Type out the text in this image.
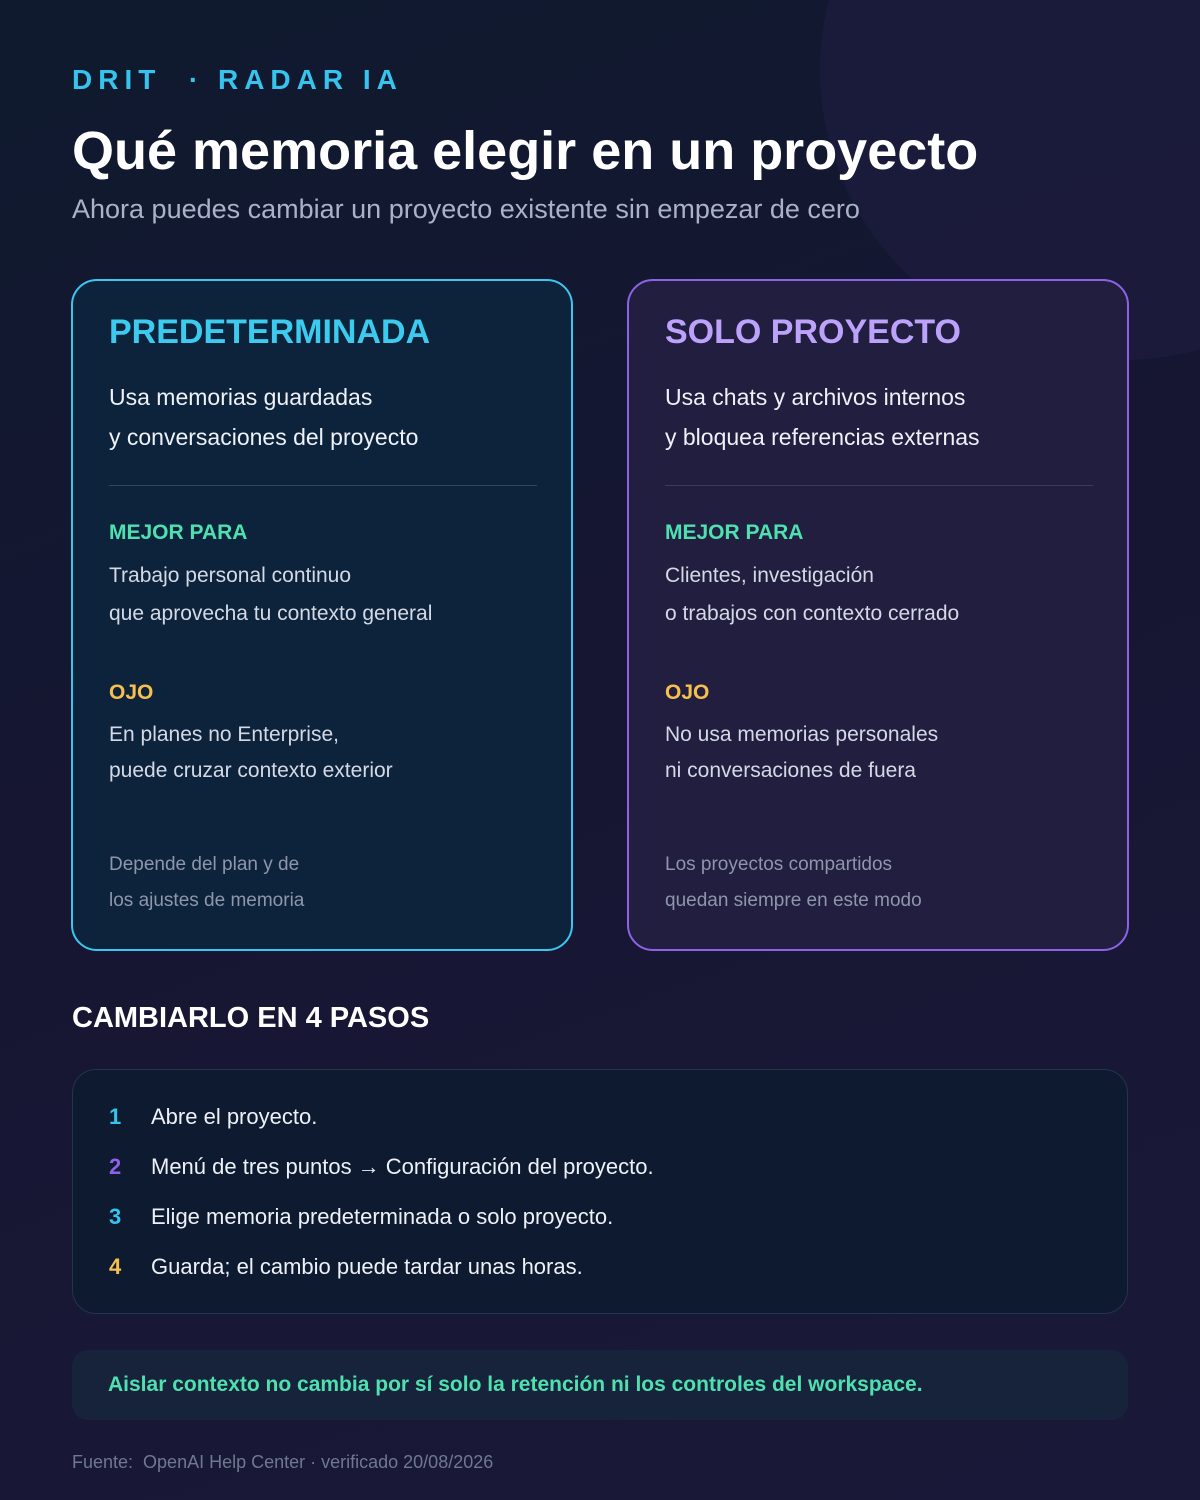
DRIT  · RADAR IA
Qué memoria elegir en un proyecto
Ahora puedes cambiar un proyecto existente sin empezar de cero
PREDETERMINADA
Usa memorias guardadas
y conversaciones del proyecto
MEJOR PARA
Trabajo personal continuo
que aprovecha tu contexto general
OJO
En planes no Enterprise,
puede cruzar contexto exterior
Depende del plan y de
los ajustes de memoria
SOLO PROYECTO
Usa chats y archivos internos
y bloquea referencias externas
MEJOR PARA
Clientes, investigación
o trabajos con contexto cerrado
OJO
No usa memorias personales
ni conversaciones de fuera
Los proyectos compartidos
quedan siempre en este modo
CAMBIARLO EN 4 PASOS
1	Abre el proyecto.
2	Menú de tres puntos → Configuración del proyecto.
3	Elige memoria predeterminada o solo proyecto.
4	Guarda; el cambio puede tardar unas horas.
Aislar contexto no cambia por sí solo la retención ni los controles del workspace.
Fuente:  OpenAI Help Center · verificado 20/08/2026
